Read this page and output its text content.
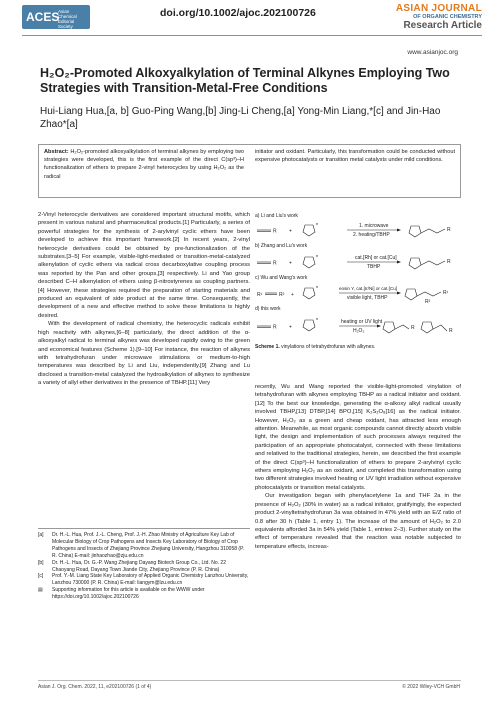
ACES
Asian Chemical Editorial Society
doi.org/10.1002/ajoc.202100726	ASIAN JOURNAL
OF ORGANIC CHEMISTRY
Research Article
www.asianjoc.org
H₂O₂-Promoted Alkoxyalkylation of Terminal Alkynes Employing Two Strategies with Transition-Metal-Free Conditions
Hui-Liang Hua,[a, b] Guo-Ping Wang,[b] Jing-Li Cheng,[a] Yong-Min Liang,*[c] and Jin-Hao Zhao*[a]
Abstract: H₂O₂-promoted alkoxyalkylation of terminal alkynes by employing two strategies were developed, this is the first example of the direct C(sp³)–H functionalization of ethers to prepare 2-vinyl heterocycles by using H₂O₂ as the radical
initiator and oxidant. Particularly, this transformation could be conducted without expensive photocatalysts or transition metal catalysts under mild conditions.

2-Vinyl heterocycle derivatives are considered important structural motifs, which present in various natural and pharmaceutical products.[1] Particularly, a series of powerful strategies for the synthesis of 2-arylvinyl cyclic ethers have been developed to achieve this important framework.[2] In recent years, 2-vinyl heterocycle derivatives could be obtained by pre-functionalization of the substrates.[3–5] For example, visible-light-mediated or transition-metal-catalyzed alkenylation of cyclic ethers via radical cross decarboxylative coupling process was reported by the Pan and other groups,[3] respectively. Li and Yao group described C–H alkenylation of ethers using β-nitrostyrenes as coupling partners.[4] However, these strategies required the preparation of starting materials and produced an equivalent of side product at the same time. Consequently, the development of a new and effective method to solve these limitations is highly desired.

With the development of radical chemistry, the heterocyclic radicals exhibit high reactivity with alkynes,[6–8] particularly, the direct addition of the α-alkoxyalkyl radical to terminal alkynes was developed rapidly owing to the green and economical features (Scheme 1).[9–10] For instance, the reaction of alkynes with tetrahydrofuran under microwave stimulations or medium-to-high temperatures was described by Li and Liu, independently.[9] Zhang and Lu disclosed a transition-metal catalyzed the hydroalkylation of alkynes to synthesize a variety of allyl ether derivatives in the presence of TBHP.[11] Very

a) Li and Liu's work
R +
n	1. microwave
2. heating/TBHP
R
b) Zhang and Lu's work
R +
n	cat.[Rh] or cat.[Cu]
TBHP
R
c) Wu and Wang's work
R¹	R² +
n	eosin Y, cat.[Ir/Ni] or cat.[Cu]
visible light, TBHP
R¹
R²
d) this work
R +
n
heating or UV light
H₂O₂	R	R
Scheme 1. vinylations of tetrahydrofuran with alkynes.

recently, Wu and Wang reported the visible-light-promoted vinylation of tetrahydrofuran with alkynes employing TBHP as a radical initiator and oxidant.[12] To the best our knowledge, generating the α-alkoxy alkyl radical usually involved TBHP,[13] DTBP,[14] BPO,[15] K₂S₂O₈[16] as the radical initiator. However, H₂O₂ as a green and cheap oxidant, has attracted less enough attention. Meanwhile, as most organic compounds cannot directly absorb visible light, the design and implementation of such processes always required the participation of an appropriate photocatalyst, connected with these limitations and relatived to the traditional strategies, herein, we described the first example of the direct C(sp³)–H functionalization of ethers to prepare 2-arylvinyl cyclic ethers employing H₂O₂ as an oxidant, and completed this transformation using two different strategies involved heating or UV light irradiation without expensive photocatalysts or transition metal catalysts.

Our investigation began with phenylacetylene 1a and THF 2a in the presence of H₂O₂ (30% in water) as a radical initiator, gratifyingly, the expected product 2-vinyltetrahydrofuran 3a was obtained in 47% yield with an E/Z ratio of 0.8 after 30 h (Table 1, entry 1). The increase of the amount of H₂O₂ to 2.0 equivalents afforded 3a in 54% yield (Table 1, entries 2–3). Further study on the effect of temperature revealed that the reaction was notable subjected to temperature effects, increas-

[a] Dr. H.-L. Hua, Prof. J.-L. Cheng, Prof. J.-H. Zhao Ministry of Agriculture Key Lab of Molecular Biology of Crop Pathogens and Insects Key Laboratory of Biology of Crop Pathogens and Insects of Zhejiang Province Zhejiang University, Hangzhou 310058 (P. R. China) E-mail: jinhaozhao@zju.edu.cn

[b] Dr. H.-L. Hua, Dr. G.-P. Wang Zhejiang Dayang Biotech Group Co., Ltd. No. 22 Chaoyang Road, Dayang Town Jiande City, Zhejiang Province (P. R. China)

[c] Prof. Y.-M. Liang State Key Laboratory of Applied Organic Chemistry Lanzhou University, Lanzhou 730000 (P. R. China) E-mail: liangym@lzu.edu.cn

▤ Supporting information for this article is available on the WWW under https://doi.org/10.1002/ajoc.202100726

Asian J. Org. Chem. 2022, 11, e202100726 (1 of 4)	© 2022 Wiley-VCH GmbH
